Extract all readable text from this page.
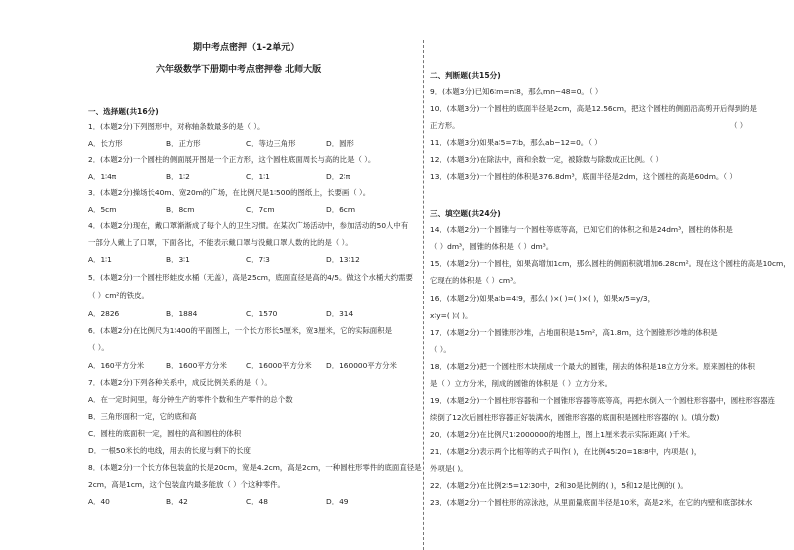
期中考点密押（1-2单元）
六年级数学下册期中考点密押卷 北师大版
一、选择题(共16分)
1．(本题2分)下列图形中，对称轴条数最多的是（ ）。
A．长方形	B．正方形	C．等边三角形	D．圆形
2．(本题2分)一个圆柱的侧面展开图是一个正方形，这个圆柱底面周长与高的比是（ ）。
A．1∶4π	B．1∶2	C．1∶1	D．2∶π
3．(本题2分)操场长40m、宽20m的广场，在比例尺是1∶500的图纸上，长要画（ ）。
A．5cm	B．8cm	C．7cm	D．6cm
4．(本题2分)现在，戴口罩渐渐成了每个人的卫生习惯。在某次广场活动中，参加活动的50人中有
一部分人戴上了口罩，下面各比，不能表示戴口罩与没戴口罩人数的比的是（ ）。
A．1∶1	B．3∶1	C．7∶3	D．13∶12
5．(本题2分)一个圆柱形蛙皮水桶（无盖），高是25cm，底面直径是高的4/5。做这个水桶大约需要
（ ）cm²的铁皮。
A．2826	B．1884	C．1570	D．314
6．(本题2分)在比例尺为1∶400的平面图上，一个长方形长5厘米，宽3厘米，它的实际面积是
（ ）。
A．160平方分米	B．1600平方分米	C．16000平方分米 D．160000平方分米
7．(本题2分)下列各种关系中，成反比例关系的是（ ）。
A．在一定时间里，每分钟生产的零件个数和生产零件的总个数
B．三角形面积一定，它的底和高
C．圆柱的底面积一定，圆柱的高和圆柱的体积
D．一根50米长的电线，用去的长度与剩下的长度
8．(本题2分)一个长方体包装盒的长是20cm，宽是4.2cm，高是2cm，一种圆柱形零件的底面直径是
2cm，高是1cm，这个包装盒内最多能放（ ）个这种零件。
A．40	B．42	C．48	D．49
二、判断题(共15分)
9．(本题3分)已知6∶m=n∶8，那么mn−48=0。（ ）
10．(本题3分)一个圆柱的底面半径是2cm，高是12.56cm，把这个圆柱的侧面沿高剪开后得到的是
正方形。	（ ）
11．(本题3分)如果a∶5=7∶b，那么ab−12=0。（ ）
12．(本题3分)在除法中，商和余数一定，被除数与除数成正比例。（ ）
13．(本题3分)一个圆柱的体积是376.8dm³，底面半径是2dm，这个圆柱的高是60dm。（ ）
三、填空题(共24分)
14．(本题2分)一个圆锥与一个圆柱等底等高，已知它们的体积之和是24dm³，圆柱的体积是
（ ）dm³，圆锥的体积是（ ）dm³。
15．(本题2分)一个圆柱，如果高增加1cm，那么圆柱的侧面积就增加6.28cm²。现在这个圆柱的高是10cm，
它现在的体积是（ ）cm³。
16．(本题2分)如果a∶b=4∶9，那么( )×( )=( )×( )，如果x/5=y/3，
x∶y=( )∶( )。
17．(本题2分)一个圆锥形沙堆，占地面积是15m²，高1.8m，这个圆锥形沙堆的体积是
（ ）。
18．(本题2分)把一个圆柱形木块削成一个最大的圆锥，削去的体积是18立方分米。原来圆柱的体积
是（ ）立方分米，削成的圆锥的体积是（ ）立方分米。
19．(本题2分)一个圆柱形容器和一个圆锥形容器等底等高，再把水倒入一个圆柱形容器中，圆柱形容器连
续倒了12次后圆柱形容器正好装满水，圆锥形容器的底面积是圆柱形容器的( )。(填分数)
20．(本题2分)在比例尺1∶2000000的地图上，图上1厘米表示实际距离( )千米。
21．(本题2分)表示两个比相等的式子叫作( )，在比例45∶20=18∶8中，内项是( )，
外项是( )。
22．(本题2分)在比例2∶5=12∶30中，2和30是比例的( )，5和12是比例的( )。
23．(本题2分)一个圆柱形的凉泳池，从里面量底面半径是10米，高是2米，在它的内壁和底部抹水
